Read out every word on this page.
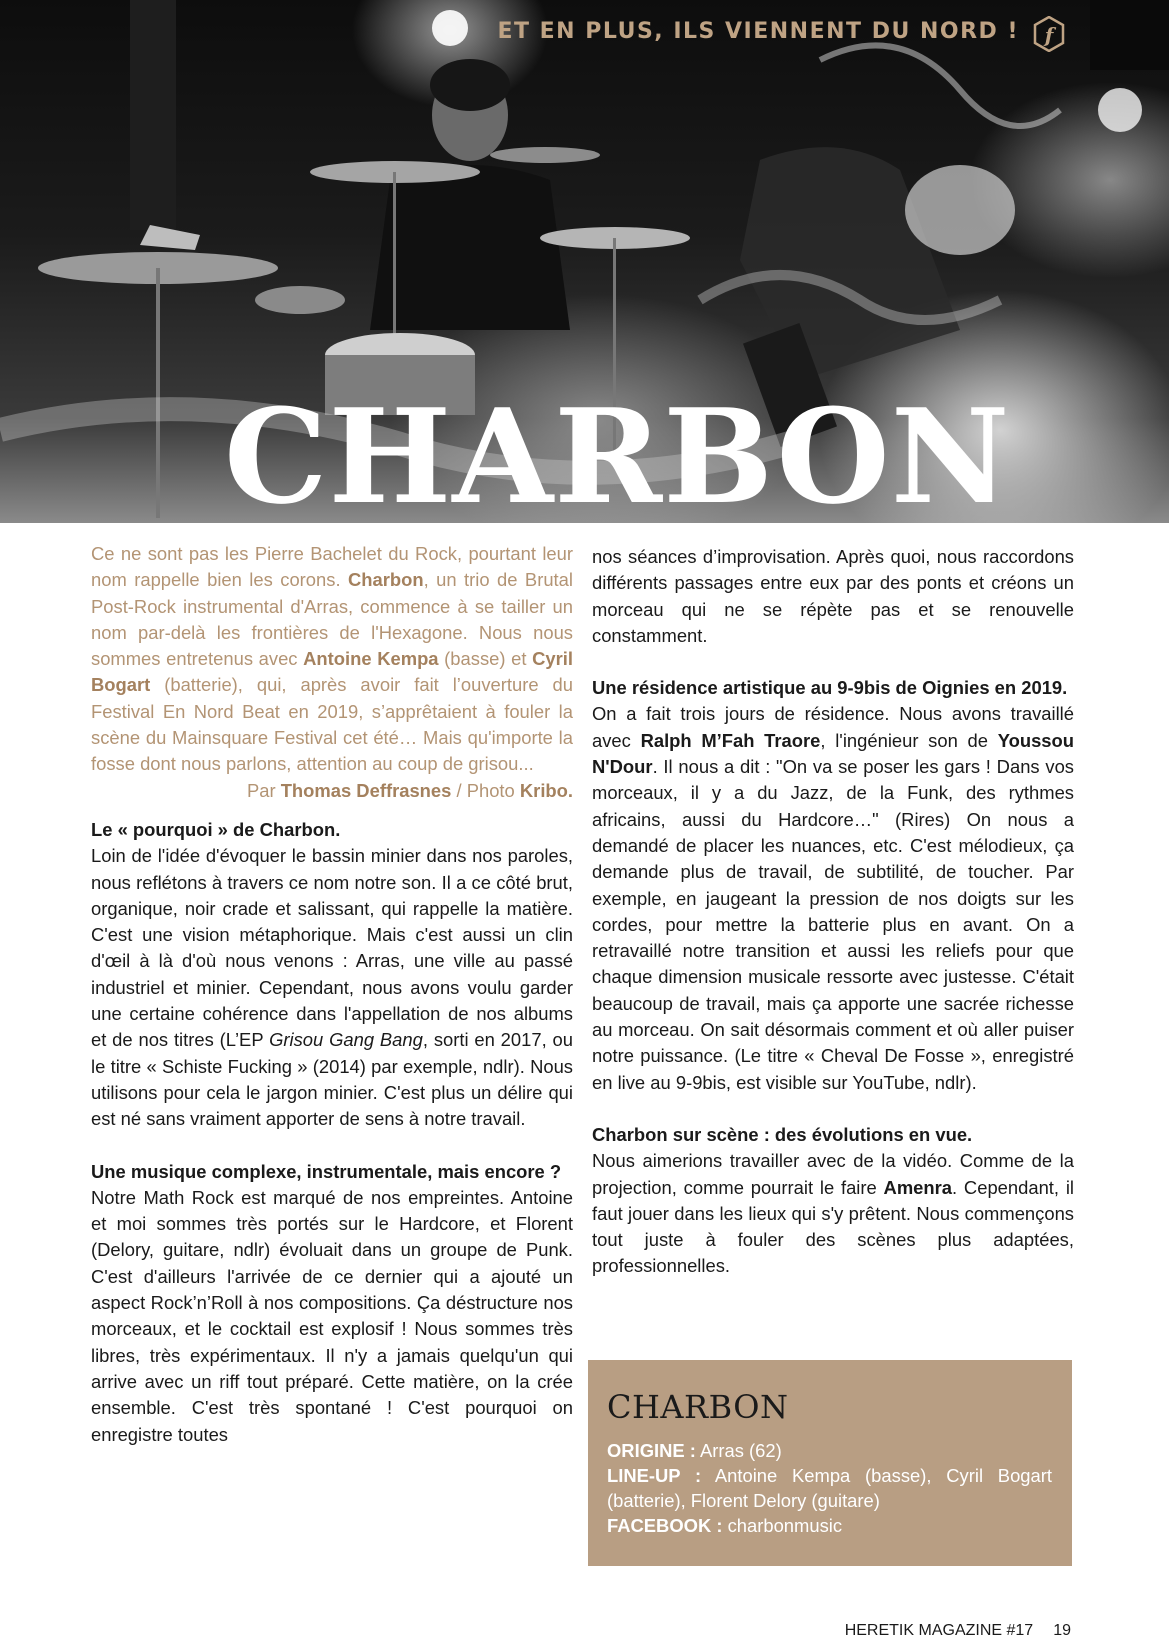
ET EN PLUS, ILS VIENNENT DU NORD ! f
CHARBON

Ce ne sont pas les Pierre Bachelet du Rock, pourtant leur nom rappelle bien les corons. Charbon, un trio de Brutal Post-Rock instrumental d'Arras, commence à se tailler un nom par-delà les frontières de l'Hexagone. Nous nous sommes entretenus avec Antoine Kempa (basse) et Cyril Bogart (batterie), qui, après avoir fait l’ouverture du Festival En Nord Beat en 2019, s’apprêtaient à fouler la scène du Mainsquare Festival cet été… Mais qu'importe la fosse dont nous parlons, attention au coup de grisou...

Par Thomas Deffrasnes / Photo Kribo.

Le « pourquoi » de Charbon.

Loin de l'idée d'évoquer le bassin minier dans nos paroles, nous reflétons à travers ce nom notre son. Il a ce côté brut, organique, noir crade et salissant, qui rappelle la matière. C'est une vision métaphorique. Mais c'est aussi un clin d'œil à là d'où nous venons : Arras, une ville au passé industriel et minier. Cependant, nous avons voulu garder une certaine cohérence dans l'appellation de nos albums et de nos titres (L’EP Grisou Gang Bang, sorti en 2017, ou le titre « Schiste Fucking » (2014) par exemple, ndlr). Nous utilisons pour cela le jargon minier. C'est plus un délire qui est né sans vraiment apporter de sens à notre travail.

Une musique complexe, instrumentale, mais encore ?

Notre Math Rock est marqué de nos empreintes. Antoine et moi sommes très portés sur le Hardcore, et Florent (Delory, guitare, ndlr) évoluait dans un groupe de Punk. C'est d'ailleurs l'arrivée de ce dernier qui a ajouté un aspect Rock’n’Roll à nos compositions. Ça déstructure nos morceaux, et le cocktail est explosif ! Nous sommes très libres, très expérimentaux. Il n'y a jamais quelqu'un qui arrive avec un riff tout préparé. Cette matière, on la crée ensemble. C'est très spontané ! C'est pourquoi on enregistre toutes

nos séances d’improvisation. Après quoi, nous raccordons différents passages entre eux par des ponts et créons un morceau qui ne se répète pas et se renouvelle constamment.

Une résidence artistique au 9-9bis de Oignies en 2019.

On a fait trois jours de résidence. Nous avons travaillé avec Ralph M’Fah Traore, l'ingénieur son de Youssou N'Dour. Il nous a dit : "On va se poser les gars ! Dans vos morceaux, il y a du Jazz, de la Funk, des rythmes africains, aussi du Hardcore…" (Rires) On nous a demandé de placer les nuances, etc. C'est mélodieux, ça demande plus de travail, de subtilité, de toucher. Par exemple, en jaugeant la pression de nos doigts sur les cordes, pour mettre la batterie plus en avant. On a retravaillé notre transition et aussi les reliefs pour que chaque dimension musicale ressorte avec justesse. C'était beaucoup de travail, mais ça apporte une sacrée richesse au morceau. On sait désormais comment et où aller puiser notre puissance. (Le titre « Cheval De Fosse », enregistré en live au 9-9bis, est visible sur YouTube, ndlr).

Charbon sur scène : des évolutions en vue.

Nous aimerions travailler avec de la vidéo. Comme de la projection, comme pourrait le faire Amenra. Cependant, il faut jouer dans les lieux qui s'y prêtent. Nous commençons tout juste à fouler des scènes plus adaptées, professionnelles.

CHARBON
ORIGINE : Arras (62)
LINE-UP : Antoine Kempa (basse), Cyril Bogart (batterie), Florent Delory (guitare)
FACEBOOK : charbonmusic
HERETIK MAGAZINE #17 19
